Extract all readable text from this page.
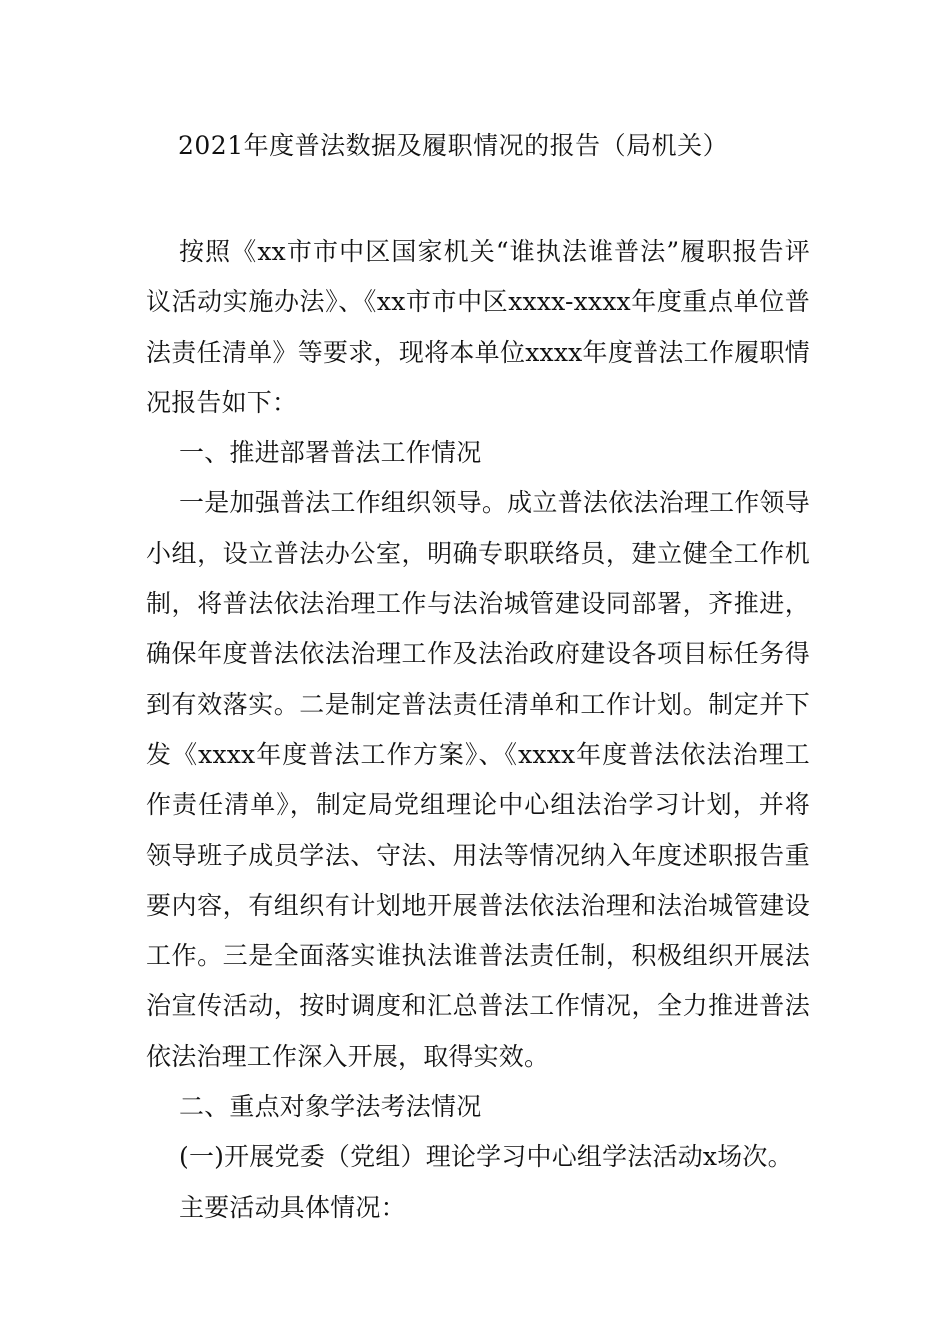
2021年度普法数据及履职情况的报告（局机关）

按照《xx市市中区国家机关“谁执法谁普法”履职报告评议活动实施办法》、《xx市市中区xxxx-xxxx年度重点单位普法责任清单》等要求，现将本单位xxxx年度普法工作履职情况报告如下：

一、推进部署普法工作情况

一是加强普法工作组织领导。成立普法依法治理工作领导小组，设立普法办公室，明确专职联络员，建立健全工作机制，将普法依法治理工作与法治城管建设同部署，齐推进，确保年度普法依法治理工作及法治政府建设各项目标任务得到有效落实。二是制定普法责任清单和工作计划。制定并下发《xxxx年度普法工作方案》、《xxxx年度普法依法治理工作责任清单》，制定局党组理论中心组法治学习计划，并将领导班子成员学法、守法、用法等情况纳入年度述职报告重要内容，有组织有计划地开展普法依法治理和法治城管建设工作。三是全面落实谁执法谁普法责任制，积极组织开展法治宣传活动，按时调度和汇总普法工作情况，全力推进普法依法治理工作深入开展，取得实效。

二、重点对象学法考法情况

(一)开展党委（党组）理论学习中心组学法活动x场次。

主要活动具体情况：
